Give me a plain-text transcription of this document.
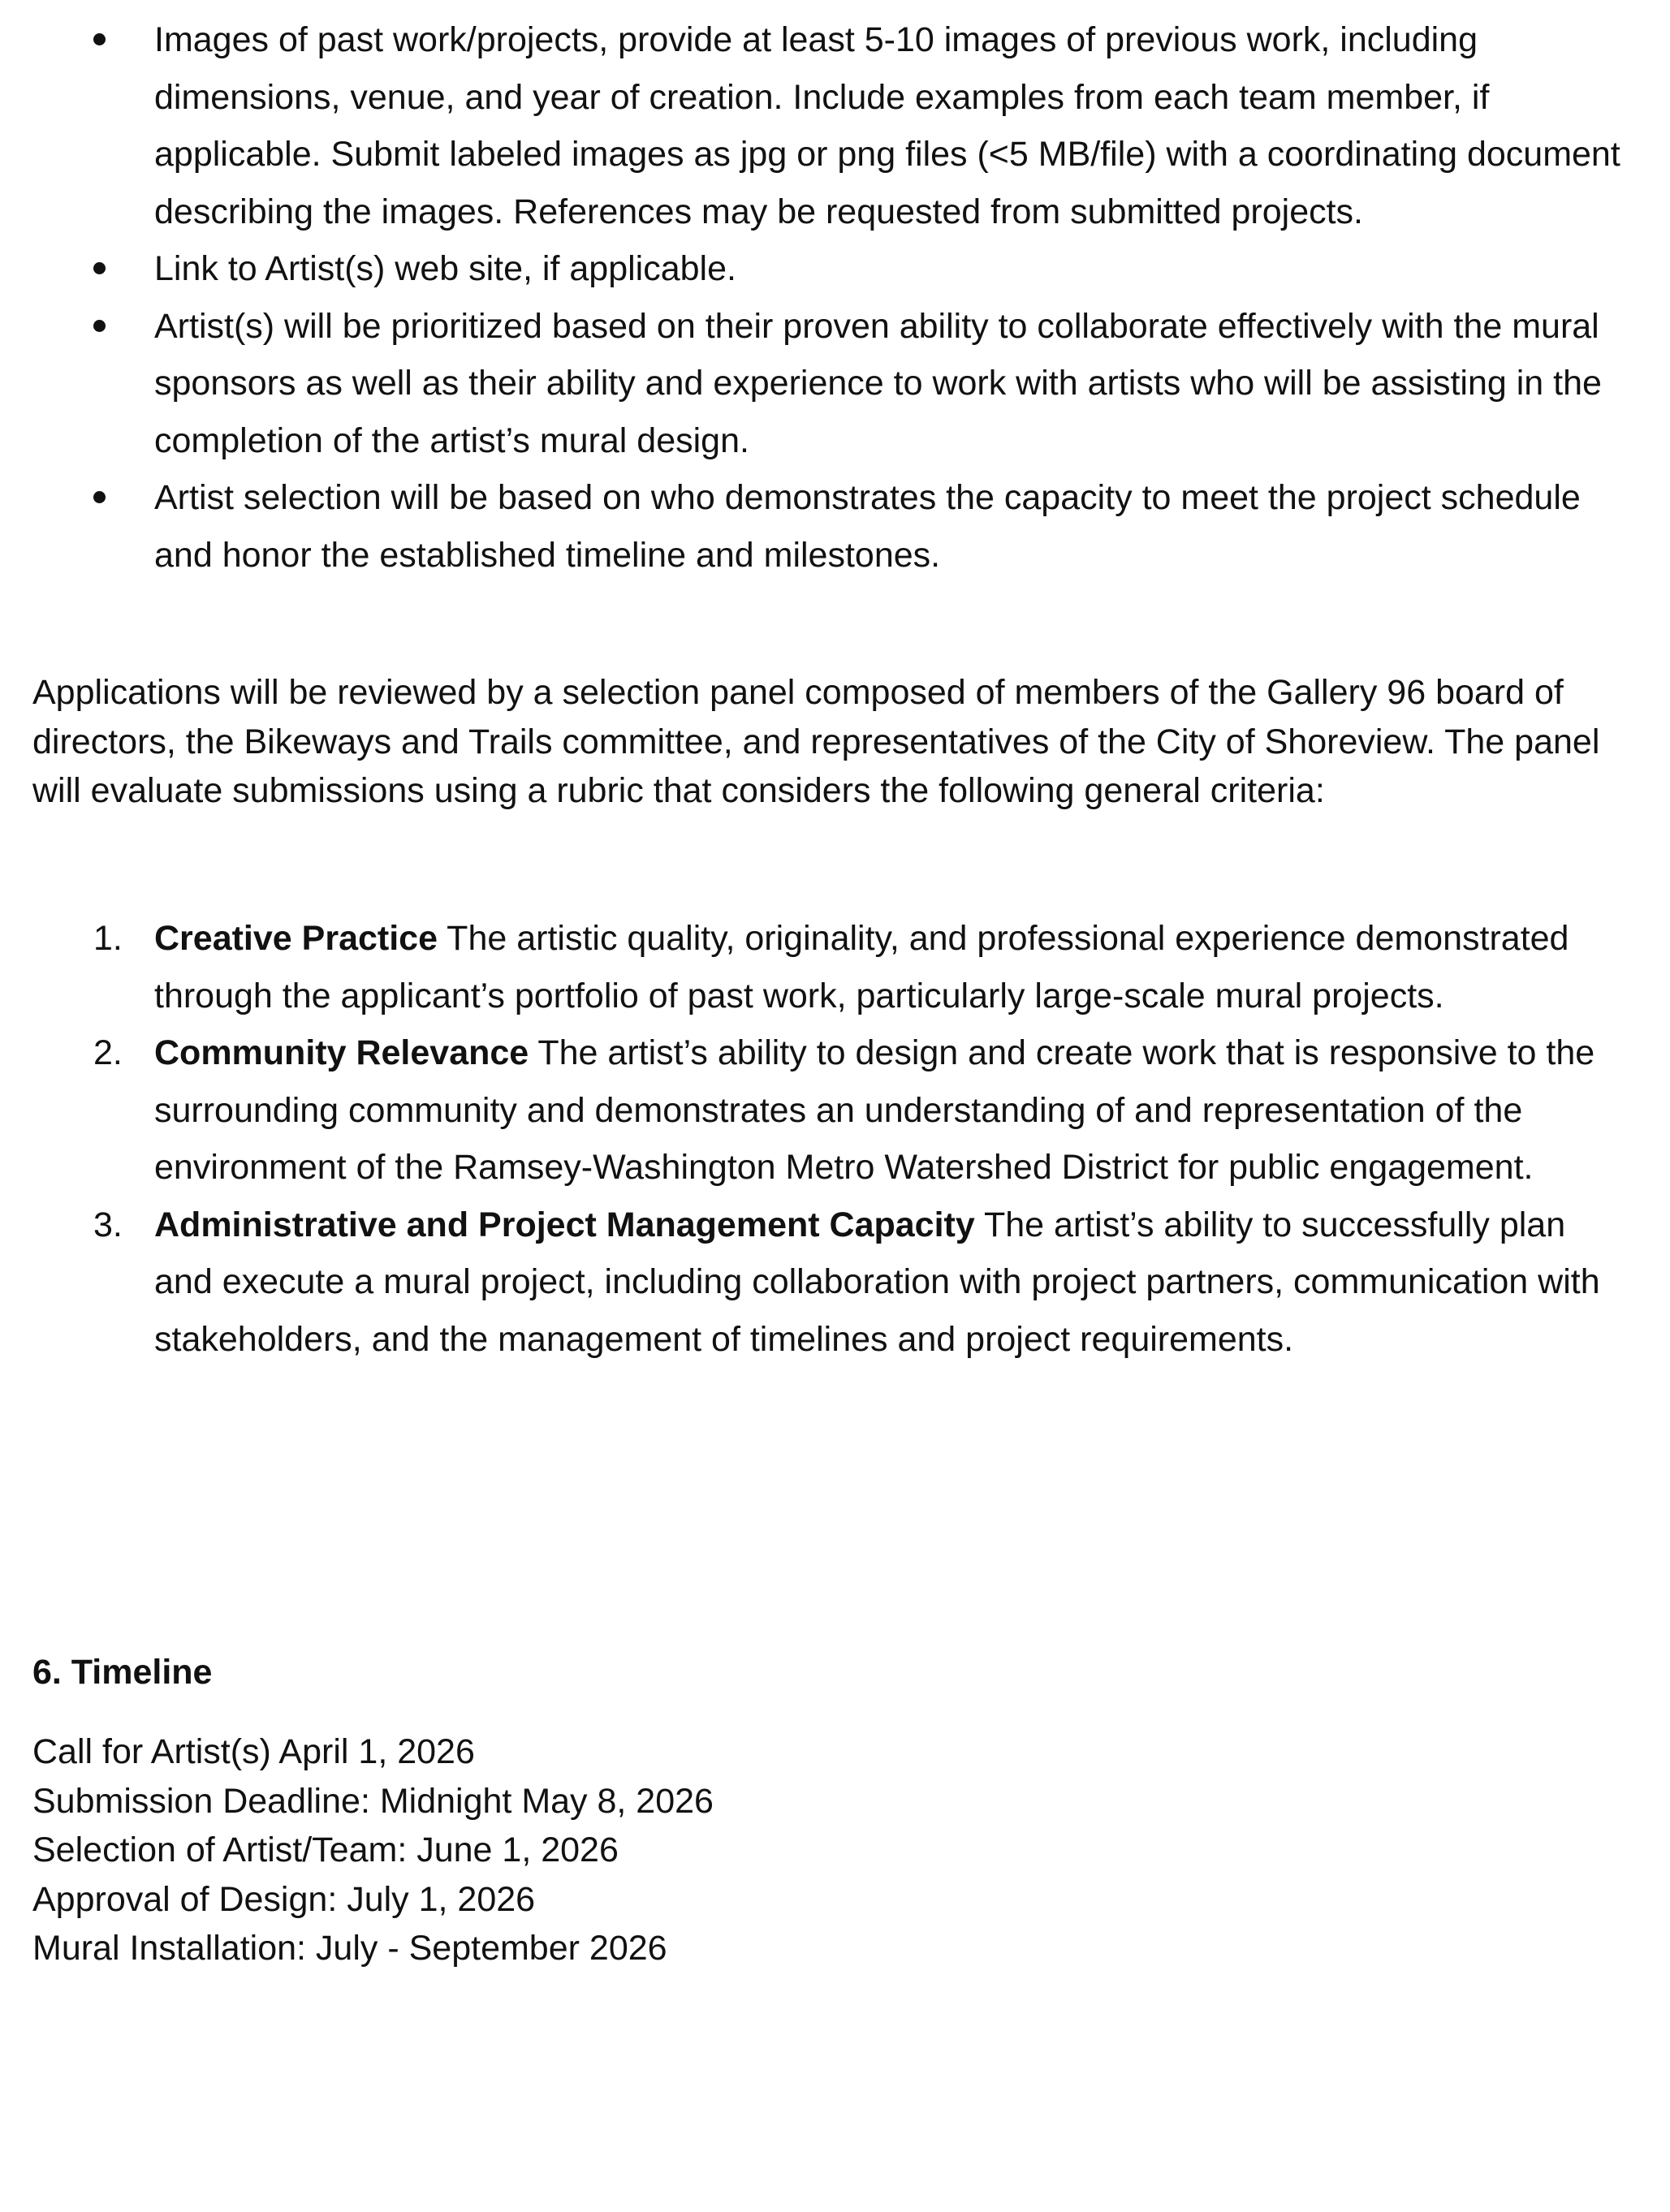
Images of past work/projects, provide at least 5-10 images of previous work, including dimensions, venue, and year of creation. Include examples from each team member, if applicable. Submit labeled images as jpg or png files (<5 MB/file) with a coordinating document describing the images. References may be requested from submitted projects.
Link to Artist(s) web site, if applicable.
Artist(s) will be prioritized based on their proven ability to collaborate effectively with the mural sponsors as well as their ability and experience to work with artists who will be assisting in the completion of the artist’s mural design.
Artist selection will be based on who demonstrates the capacity to meet the project schedule and honor the established timeline and milestones.

Applications will be reviewed by a selection panel composed of members of the Gallery 96 board of directors, the Bikeways and Trails committee, and representatives of the City of Shoreview. The panel will evaluate submissions using a rubric that considers the following general criteria:

1. Creative Practice The artistic quality, originality, and professional experience demonstrated through the applicant’s portfolio of past work, particularly large-scale mural projects.
2. Community Relevance The artist’s ability to design and create work that is responsive to the surrounding community and demonstrates an understanding of and representation of the environment of the Ramsey-Washington Metro Watershed District for public engagement.
3. Administrative and Project Management Capacity The artist’s ability to successfully plan and execute a mural project, including collaboration with project partners, communication with stakeholders, and the management of timelines and project requirements.
6. Timeline
Call for Artist(s) April 1, 2026
Submission Deadline: Midnight May 8, 2026
Selection of Artist/Team: June 1, 2026
Approval of Design: July 1, 2026
Mural Installation: July - September 2026
